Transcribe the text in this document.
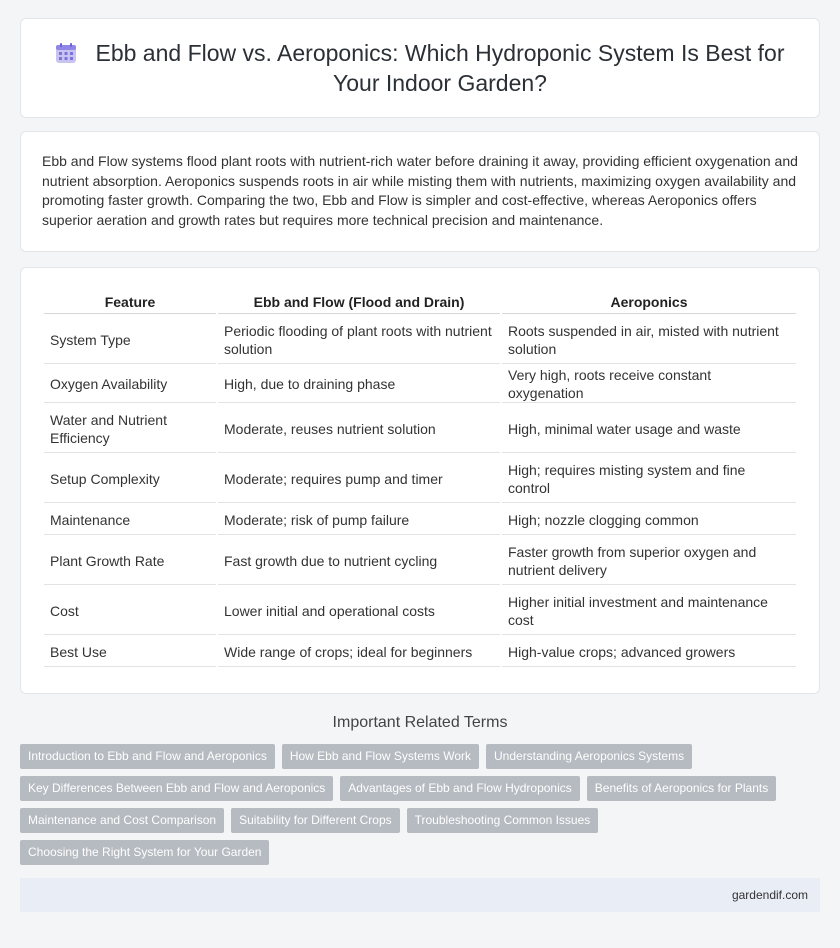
Ebb and Flow vs. Aeroponics: Which Hydroponic System Is Best for Your Indoor Garden?

Ebb and Flow systems flood plant roots with nutrient-rich water before draining it away, providing efficient oxygenation and nutrient absorption. Aeroponics suspends roots in air while misting them with nutrients, maximizing oxygen availability and promoting faster growth. Comparing the two, Ebb and Flow is simpler and cost-effective, whereas Aeroponics offers superior aeration and growth rates but requires more technical precision and maintenance.

Feature	Ebb and Flow (Flood and Drain)	Aeroponics
System Type	Periodic flooding of plant roots with nutrient solution	Roots suspended in air, misted with nutrient solution
Oxygen Availability	High, due to draining phase	Very high, roots receive constant oxygenation
Water and Nutrient Efficiency	Moderate, reuses nutrient solution	High, minimal water usage and waste
Setup Complexity	Moderate; requires pump and timer	High; requires misting system and fine control
Maintenance	Moderate; risk of pump failure	High; nozzle clogging common
Plant Growth Rate	Fast growth due to nutrient cycling	Faster growth from superior oxygen and nutrient delivery
Cost	Lower initial and operational costs	Higher initial investment and maintenance cost
Best Use	Wide range of crops; ideal for beginners	High-value crops; advanced growers
Important Related Terms
Introduction to Ebb and Flow and Aeroponics	How Ebb and Flow Systems Work	Understanding Aeroponics Systems
Key Differences Between Ebb and Flow and Aeroponics	Advantages of Ebb and Flow Hydroponics	Benefits of Aeroponics for Plants
Maintenance and Cost Comparison	Suitability for Different Crops	Troubleshooting Common Issues
Choosing the Right System for Your Garden
gardendif.com
